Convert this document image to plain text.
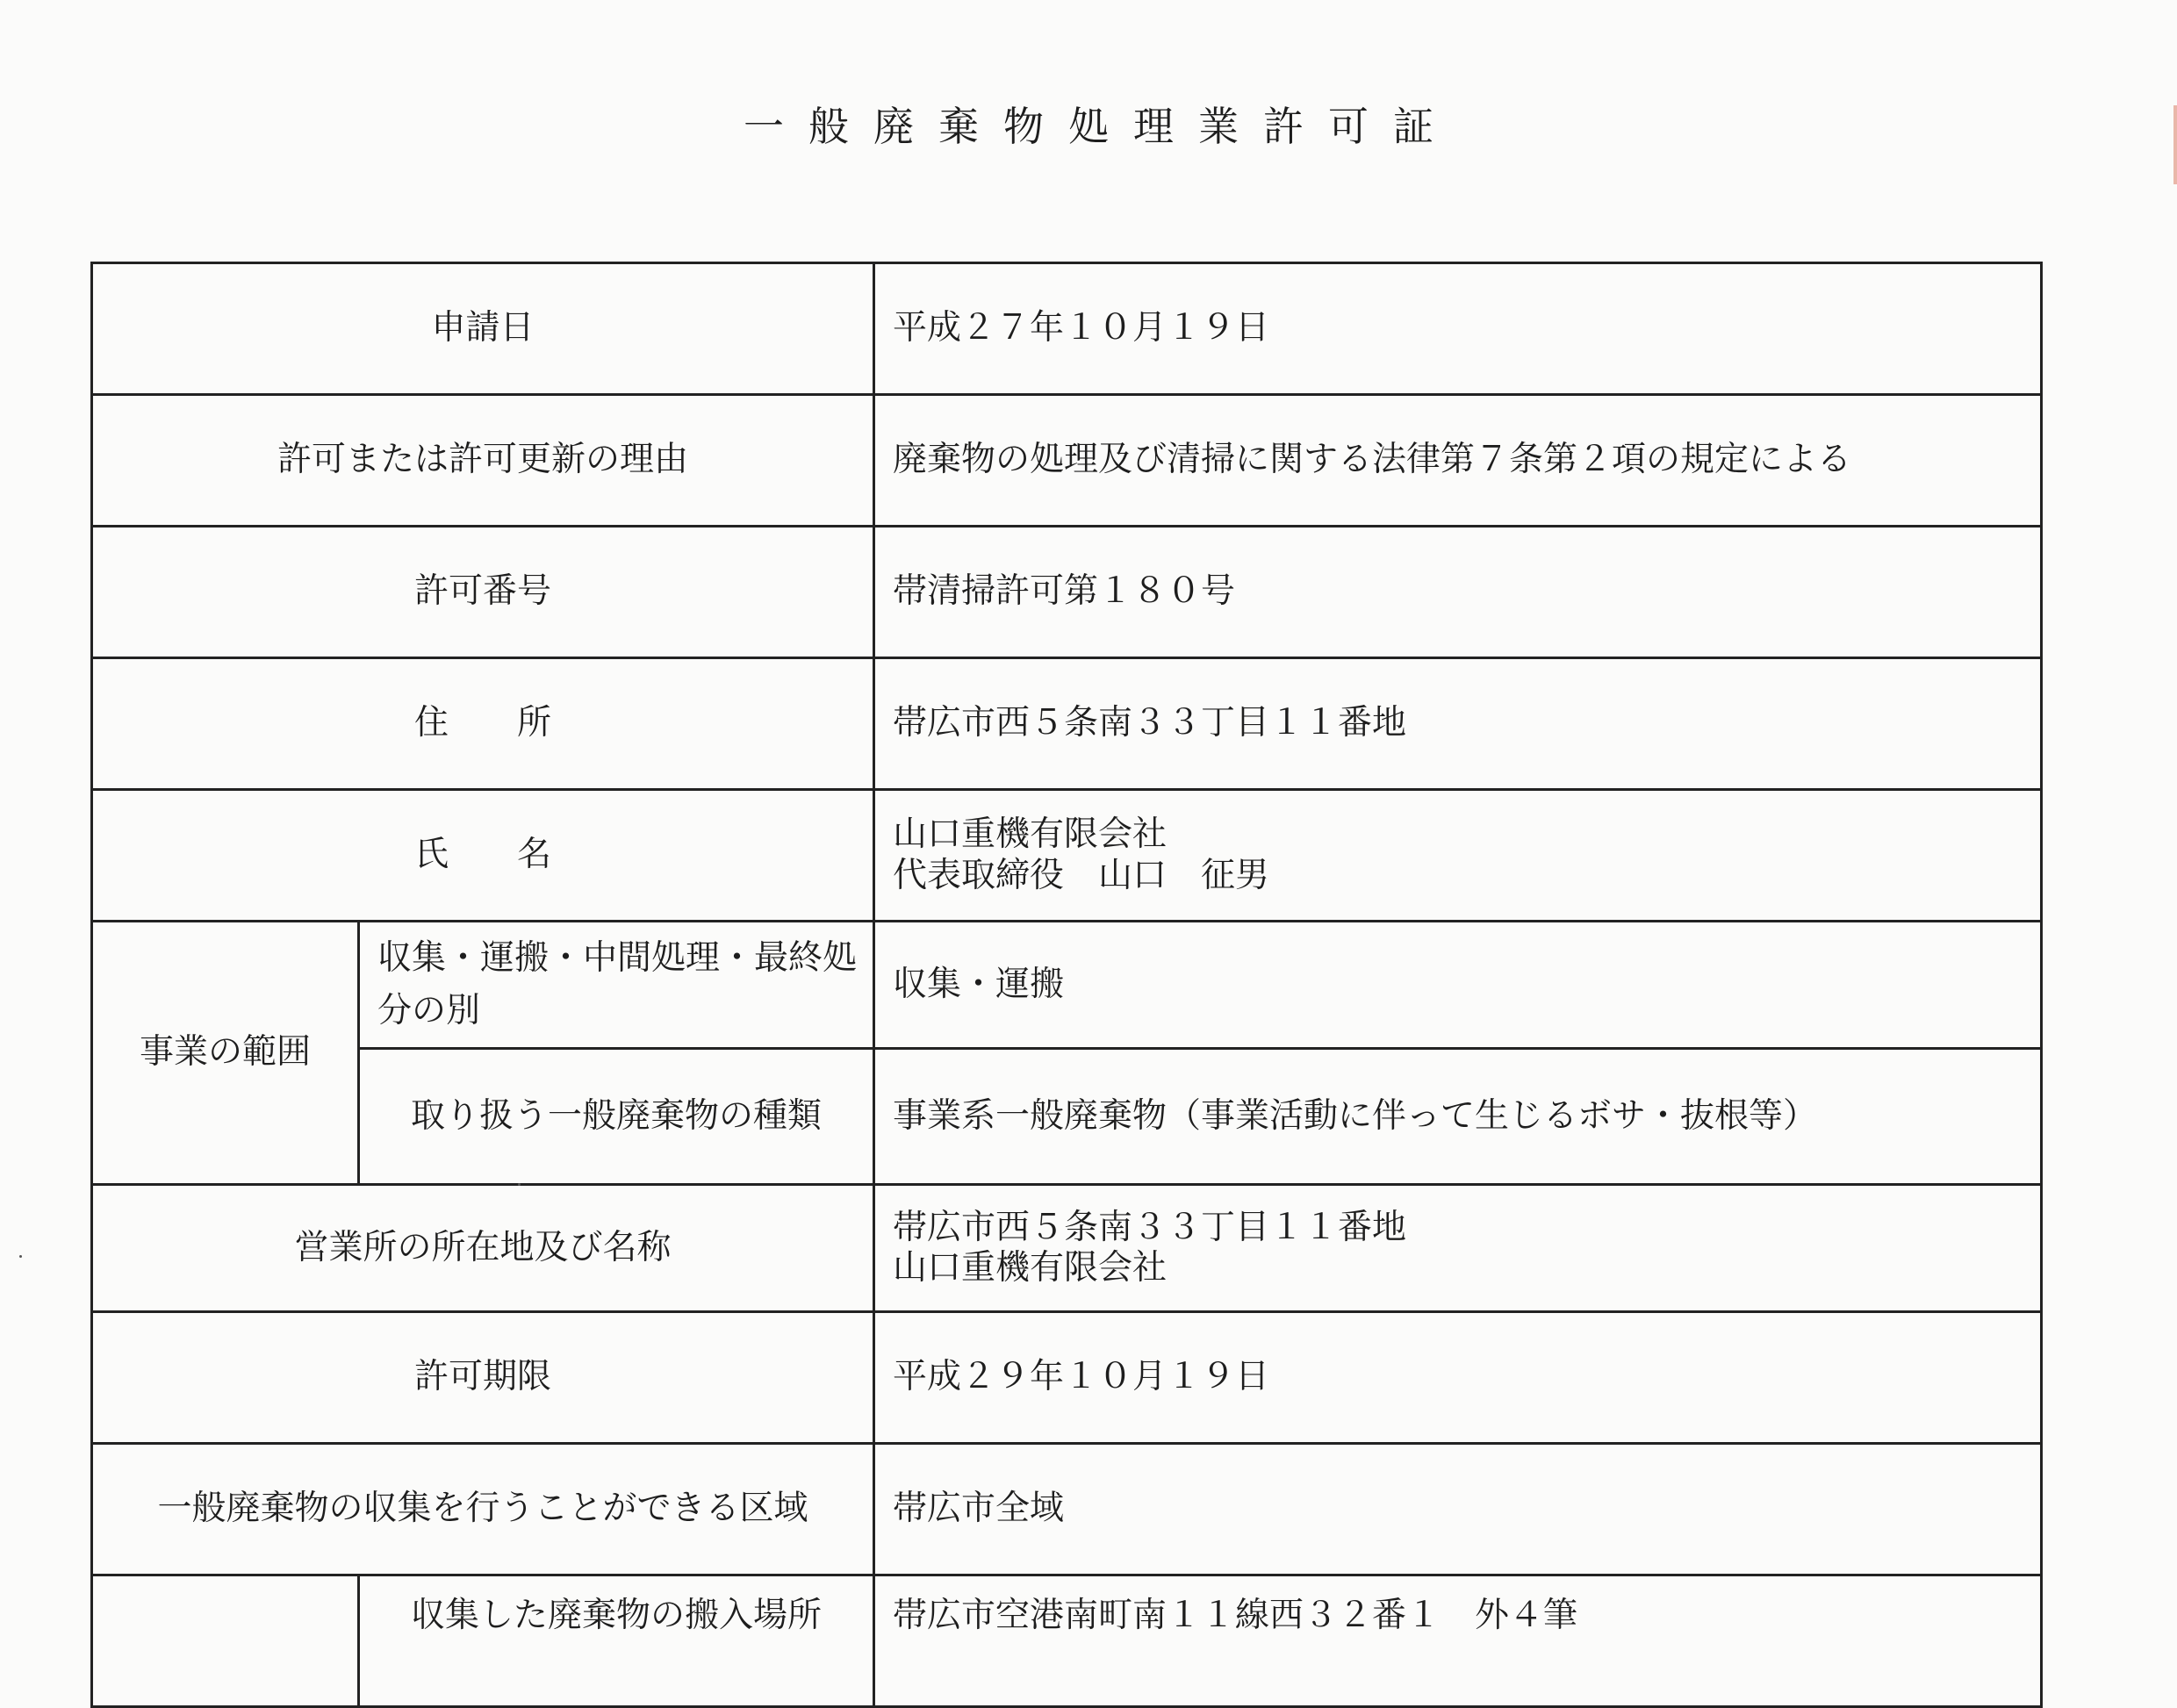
一般廃棄物処理業許可証
申請日		平成２７年１０月１９日
許可または許可更新の理由		廃棄物の処理及び清掃に関する法律第７条第２項の規定による
許可番号		帯清掃許可第１８０号
住　　所		帯広市西５条南３３丁目１１番地
氏　　名		山口重機有限会社
代表取締役　山口　征男

事業の範囲	収集・運搬・中間処理・最終処分の別	収集・運搬
	取り扱う一般廃棄物の種類	事業系一般廃棄物（事業活動に伴って生じるボサ・抜根等）
営業所の所在地及び名称		帯広市西５条南３３丁目１１番地
山口重機有限会社

許可期限		平成２９年１０月１９日
一般廃棄物の収集を行うことができる区域		帯広市全域
	収集した廃棄物の搬入場所	帯広市空港南町南１１線西３２番１　外４筆
